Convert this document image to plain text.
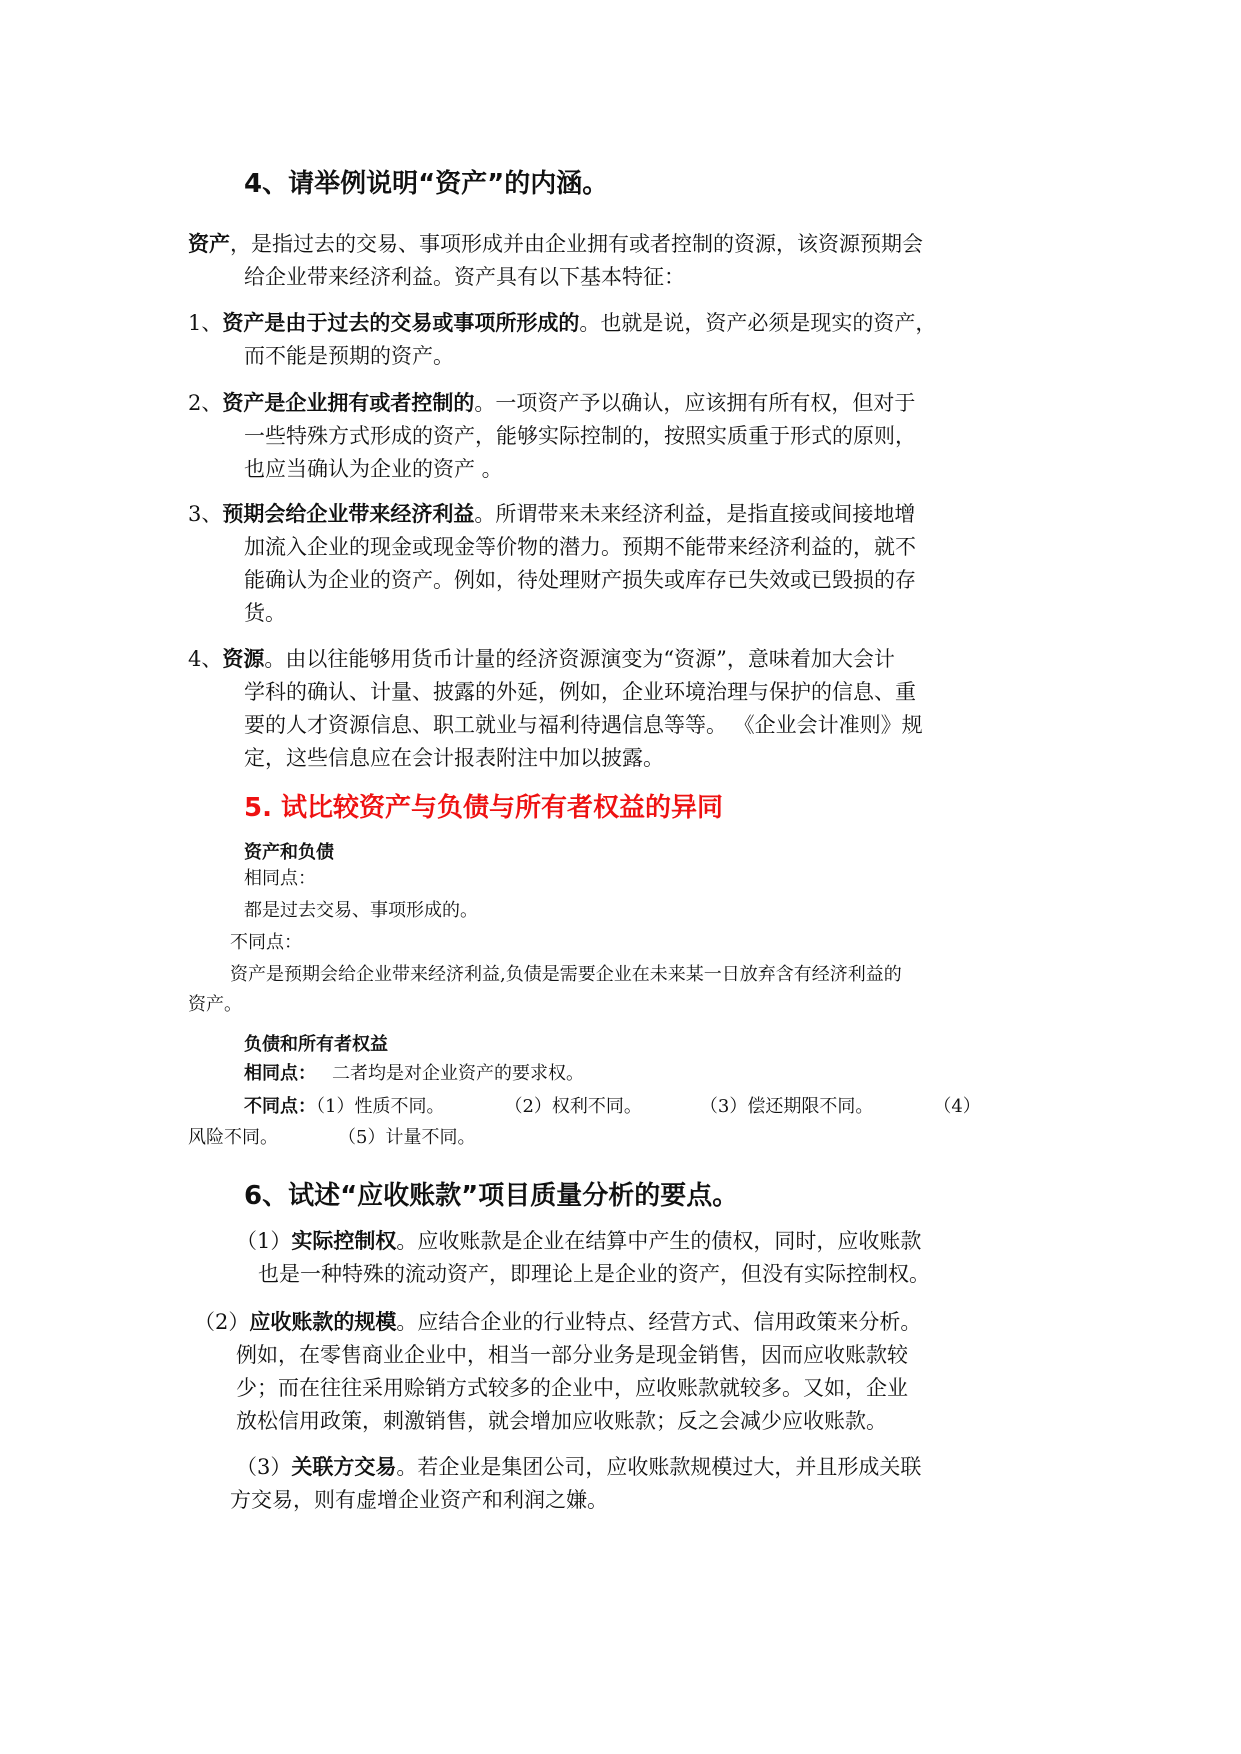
4、请举例说明“资产”的内涵。
资产，是指过去的交易、事项形成并由企业拥有或者控制的资源，该资源预期会
给企业带来经济利益。资产具有以下基本特征：
1、资产是由于过去的交易或事项所形成的。也就是说，资产必须是现实的资产，
而不能是预期的资产。
2、资产是企业拥有或者控制的。一项资产予以确认，应该拥有所有权，但对于
一些特殊方式形成的资产，能够实际控制的，按照实质重于形式的原则，
也应当确认为企业的资产 。
3、预期会给企业带来经济利益。所谓带来未来经济利益，是指直接或间接地增
加流入企业的现金或现金等价物的潜力。预期不能带来经济利益的，就不
能确认为企业的资产。例如，待处理财产损失或库存已失效或已毁损的存
货。
4、资源。由以往能够用货币计量的经济资源演变为“资源”，意味着加大会计
学科的确认、计量、披露的外延，例如，企业环境治理与保护的信息、重
要的人才资源信息、职工就业与福利待遇信息等等。 《企业会计准则》规
定，这些信息应在会计报表附注中加以披露。
5. 试比较资产与负债与所有者权益的异同
资产和负债
相同点：
都是过去交易、事项形成的。
不同点：
资产是预期会给企业带来经济利益,负债是需要企业在未来某一日放弃含有经济利益的
资产。
负债和所有者权益
相同点： 二者均是对企业资产的要求权。
不同点：（1）性质不同。	（2）权利不同。	（3）偿还期限不同。	（4）
风险不同。	（5）计量不同。
6、试述“应收账款”项目质量分析的要点。
（1）实际控制权。应收账款是企业在结算中产生的债权，同时，应收账款
也是一种特殊的流动资产，即理论上是企业的资产，但没有实际控制权。
（2）应收账款的规模。应结合企业的行业特点、经营方式、信用政策来分析。
例如，在零售商业企业中，相当一部分业务是现金销售，因而应收账款较
少；而在往往采用赊销方式较多的企业中，应收账款就较多。又如，企业
放松信用政策，刺激销售，就会增加应收账款；反之会减少应收账款。
（3）关联方交易。若企业是集团公司，应收账款规模过大，并且形成关联
方交易，则有虚增企业资产和利润之嫌。
